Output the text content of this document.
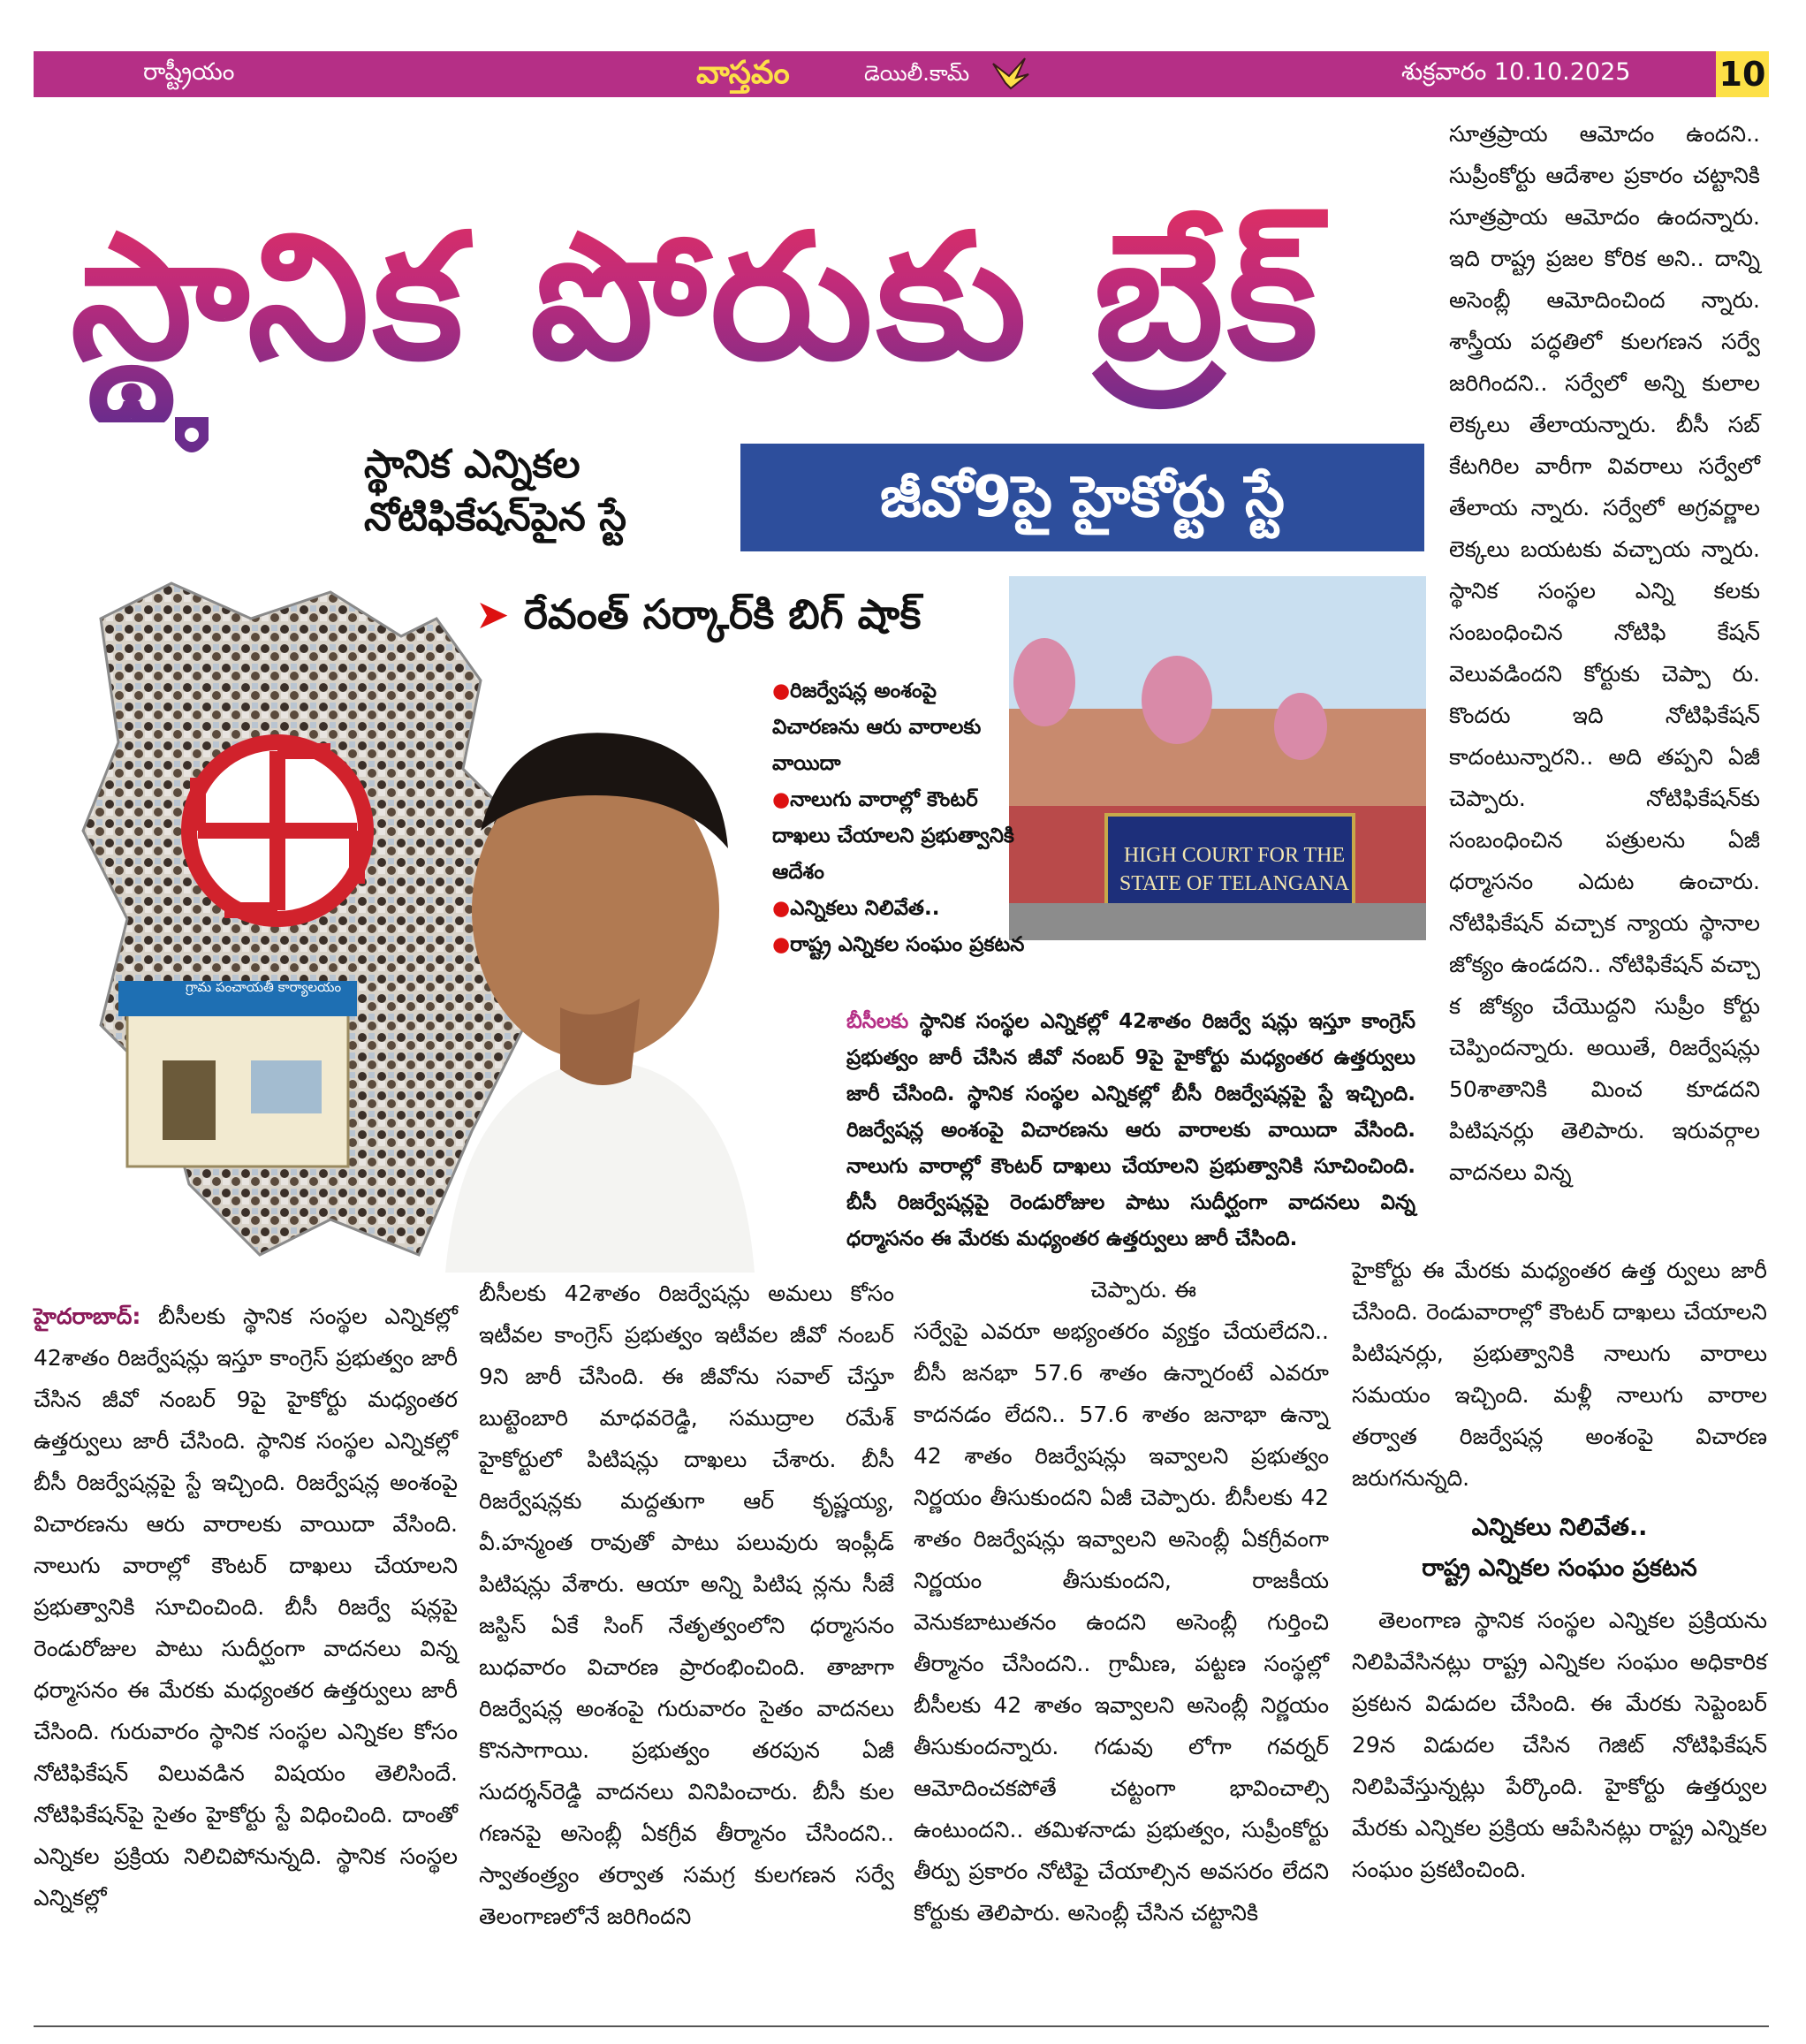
రాష్ట్రీయం	వాస్తవం	డెయిలీ.కామ్	శుక్రవారం 10.10.2025	10
స్థానిక పోరుకు బ్రేక్
స్థానిక ఎన్నికల నోటిఫికేషన్‌పైన స్టే	జీవో9పై హైకోర్టు స్టే
➤ రేవంత్ సర్కార్‌కి బిగ్ షాక్
గ్రామ పంచాయతీ కార్యాలయం
HIGH COURT FOR THE STATE OF TELANGANA
●రిజర్వేషన్ల అంశంపై విచారణను ఆరు వారాలకు వాయిదా
●నాలుగు వారాల్లో కౌంటర్ దాఖలు చేయాలని ప్రభుత్వానికి ఆదేశం
●ఎన్నికలు నిలివేత..
●రాష్ట్ర ఎన్నికల సంఘం ప్రకటన

బీసీలకు స్థానిక సంస్థల ఎన్నికల్లో 42శాతం రిజర్వే షన్లు ఇస్తూ కాంగ్రెస్ ప్రభుత్వం జారీ చేసిన జీవో నంబర్ 9పై హైకోర్టు మధ్యంతర ఉత్తర్వులు జారీ చేసింది. స్థానిక సంస్థల ఎన్నికల్లో బీసీ రిజర్వేషన్లపై స్టే ఇచ్చింది. రిజర్వేషన్ల అంశంపై విచారణను ఆరు వారాలకు వాయిదా వేసింది. నాలుగు వారాల్లో కౌంటర్ దాఖలు చేయాలని ప్రభుత్వానికి సూచించింది. బీసీ రిజర్వేషన్లపై రెండురోజుల పాటు సుదీర్ఘంగా వాదనలు విన్న ధర్మాసనం ఈ మేరకు మధ్యంతర ఉత్తర్వులు జారీ చేసింది.

సూత్రప్రాయ ఆమోదం ఉందని.. సుప్రీంకోర్టు ఆదేశాల ప్రకారం చట్టానికి సూత్రప్రాయ ఆమోదం ఉందన్నారు. ఇది రాష్ట్ర ప్రజల కోరిక అని.. దాన్ని అసెంబ్లీ ఆమోదించింద న్నారు. శాస్త్రీయ పద్ధతిలో కులగణన సర్వే జరిగిందని.. సర్వేలో అన్ని కులాల లెక్కలు తేలాయన్నారు. బీసీ సబ్ కేటగిరిల వారీగా వివరాలు సర్వేలో తేలాయ న్నారు. సర్వేలో అగ్రవర్ణాల లెక్కలు బయటకు వచ్చాయ న్నారు. స్థానిక సంస్థల ఎన్ని కలకు సంబంధించిన నోటిఫి కేషన్ వెలువడిందని కోర్టుకు చెప్పా రు. కొందరు ఇది నోటిఫికేషన్ కాదంటున్నారని.. అది తప్పని ఏజీ చెప్పారు. నోటిఫికేషన్‌కు సంబంధించిన పత్రులను ఏజీ ధర్మాసనం ఎదుట ఉంచారు. నోటిఫికేషన్ వచ్చాక న్యాయ స్థానాల జోక్యం ఉండదని.. నోటిఫికేషన్ వచ్చా క జోక్యం చేయొద్దని సుప్రీం కోర్టు చెప్పిందన్నారు. అయితే, రిజర్వేషన్లు 50శాతానికి మించ కూడదని పిటిషనర్లు తెలిపారు. ఇరువర్గాల వాదనలు విన్న

హైదరాబాద్: బీసీలకు స్థానిక సంస్థల ఎన్నికల్లో 42శాతం రిజర్వేషన్లు ఇస్తూ కాంగ్రెస్ ప్రభుత్వం జారీ చేసిన జీవో నంబర్ 9పై హైకోర్టు మధ్యంతర ఉత్తర్వులు జారీ చేసింది. స్థానిక సంస్థల ఎన్నికల్లో బీసీ రిజర్వేషన్లపై స్టే ఇచ్చింది. రిజర్వేషన్ల అంశంపై విచారణను ఆరు వారాలకు వాయిదా వేసింది. నాలుగు వారాల్లో కౌంటర్ దాఖలు చేయాలని ప్రభుత్వానికి సూచించింది. బీసీ రిజర్వే షన్లపై రెండురోజుల పాటు సుదీర్ఘంగా వాదనలు విన్న ధర్మాసనం ఈ మేరకు మధ్యంతర ఉత్తర్వులు జారీ చేసింది. గురువారం స్థానిక సంస్థల ఎన్నికల కోసం నోటిఫికేషన్ విలువడిన విషయం తెలిసిందే. నోటిఫికేషన్‌పై సైతం హైకోర్టు స్టే విధించింది. దాంతో ఎన్నికల ప్రక్రియ నిలిచిపోనున్నది. స్థానిక సంస్థల ఎన్నికల్లో

బీసీలకు 42శాతం రిజర్వేషన్లు అమలు కోసం ఇటీవల కాంగ్రెస్ ప్రభుత్వం ఇటీవల జీవో నంబర్ 9ని జారీ చేసింది. ఈ జీవోను సవాల్ చేస్తూ బుట్టెంబారి మాధవరెడ్డి, సముద్రాల రమేశ్ హైకోర్టులో పిటిషన్లు దాఖలు చేశారు. బీసీ రిజర్వేషన్లకు మద్దతుగా ఆర్ కృష్ణయ్య, వీ.హన్మంత రావుతో పాటు పలువురు ఇంప్లీడ్ పిటిషన్లు వేశారు. ఆయా అన్ని పిటిష న్లను సీజే జస్టిస్ ఏకే సింగ్ నేతృత్వంలోని ధర్మాసనం బుధవారం విచారణ ప్రారంభించింది. తాజాగా రిజర్వేషన్ల అంశంపై గురువారం సైతం వాదనలు కొనసాగాయి. ప్రభుత్వం తరపున ఏజీ సుదర్శన్‌రెడ్డి వాదనలు వినిపించారు. బీసీ కుల గణనపై అసెంబ్లీ ఏకగ్రీవ తీర్మానం చేసిందని.. స్వాతంత్ర్యం తర్వాత సమగ్ర కులగణన సర్వే తెలంగాణలోనే జరిగిందని

చెప్పారు. ఈ

సర్వేపై ఎవరూ అభ్యంతరం వ్యక్తం చేయలేదని.. బీసీ జనభా 57.6 శాతం ఉన్నారంటే ఎవరూ కాదనడం లేదని.. 57.6 శాతం జనాభా ఉన్నా 42 శాతం రిజర్వేషన్లు ఇవ్వాలని ప్రభుత్వం నిర్ణయం తీసుకుందని ఏజీ చెప్పారు. బీసీలకు 42 శాతం రిజర్వేషన్లు ఇవ్వాలని అసెంబ్లీ ఏకగ్రీవంగా నిర్ణయం తీసుకుందని, రాజకీయ వెనుకబాటుతనం ఉందని అసెంబ్లీ గుర్తించి తీర్మానం చేసిందని.. గ్రామీణ, పట్టణ సంస్థల్లో బీసీలకు 42 శాతం ఇవ్వాలని అసెంబ్లీ నిర్ణయం తీసుకుందన్నారు. గడువు లోగా గవర్నర్ ఆమోదించకపోతే చట్టంగా భావించాల్సి ఉంటుందని.. తమిళనాడు ప్రభుత్వం, సుప్రీంకోర్టు తీర్పు ప్రకారం నోటిఫై చేయాల్సిన అవసరం లేదని కోర్టుకు తెలిపారు. అసెంబ్లీ చేసిన చట్టానికి

హైకోర్టు ఈ మేరకు మధ్యంతర ఉత్త ర్వులు జారీ చేసింది. రెండువారాల్లో కౌంటర్ దాఖలు చేయాలని పిటిషనర్లు, ప్రభుత్వానికి నాలుగు వారాలు సమయం ఇచ్చింది. మళ్లీ నాలుగు వారాల తర్వాత రిజర్వేషన్ల అంశంపై విచారణ జరుగనున్నది.

ఎన్నికలు నిలివేత..
రాష్ట్ర ఎన్నికల సంఘం ప్రకటన

తెలంగాణ స్థానిక సంస్థల ఎన్నికల ప్రక్రియను నిలిపివేసినట్లు రాష్ట్ర ఎన్నికల సంఘం అధికారిక ప్రకటన విడుదల చేసింది. ఈ మేరకు సెప్టెంబర్ 29న విడుదల చేసిన గెజిట్ నోటిఫికేషన్ నిలిపివేస్తున్నట్లు పేర్కొంది. హైకోర్టు ఉత్తర్వుల మేరకు ఎన్నికల ప్రక్రియ ఆపేసినట్లు రాష్ట్ర ఎన్నికల సంఘం ప్రకటించింది.
